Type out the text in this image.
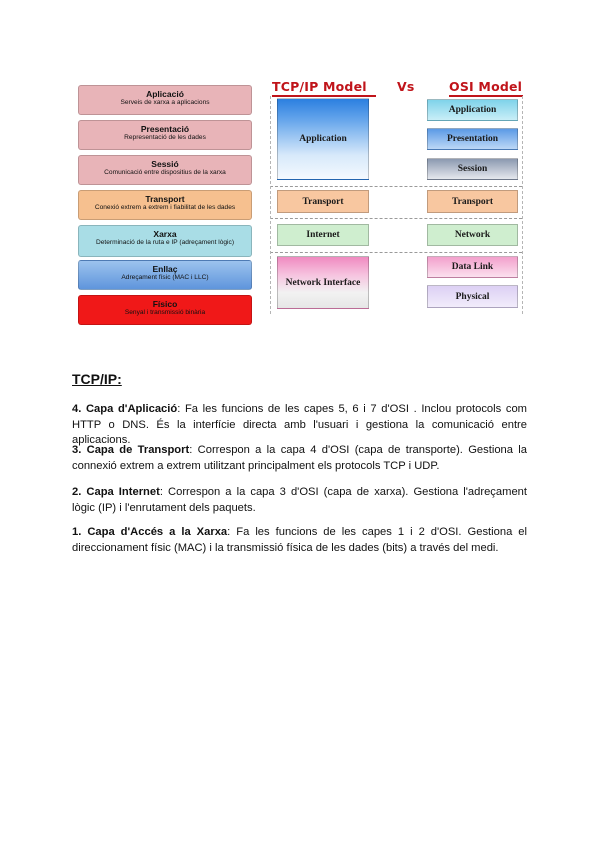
Aplicació
Serveis de xarxa a aplicacions
Presentació
Representació de les dades
Sessió
Comunicació entre dispositius de la xarxa
Transport
Conexió extrem a extrem i fiabilitat de les dades
Xarxa
Determinació de la ruta e IP (adreçament lògic)
Enllaç
Adreçament físic (MAC i LLC)
Físico
Senyal i transmissió binària
TCP/IP Model Vs	OSI Model
Application
Transport
Internet
Network Interface
Application
Presentation
Session
Transport
Network
Data Link
Physical
TCP/IP:

4. Capa d'Aplicació: Fa les funcions de les capes 5, 6 i 7 d'OSI . Inclou protocols com HTTP o DNS. És la interfície directa amb l'usuari i gestiona la comunicació entre aplicacions.

3. Capa de Transport: Correspon a la capa 4 d'OSI (capa de transporte). Gestiona la connexió extrem a extrem utilitzant principalment els protocols TCP i UDP.

2. Capa Internet: Correspon a la capa 3 d'OSI (capa de xarxa). Gestiona l'adreçament lògic (IP) i l'enrutament dels paquets.

1. Capa d'Accés a la Xarxa: Fa les funcions de les capes 1 i 2 d'OSI. Gestiona el direccionament físic (MAC) i la transmissió física de les dades (bits) a través del medi.
